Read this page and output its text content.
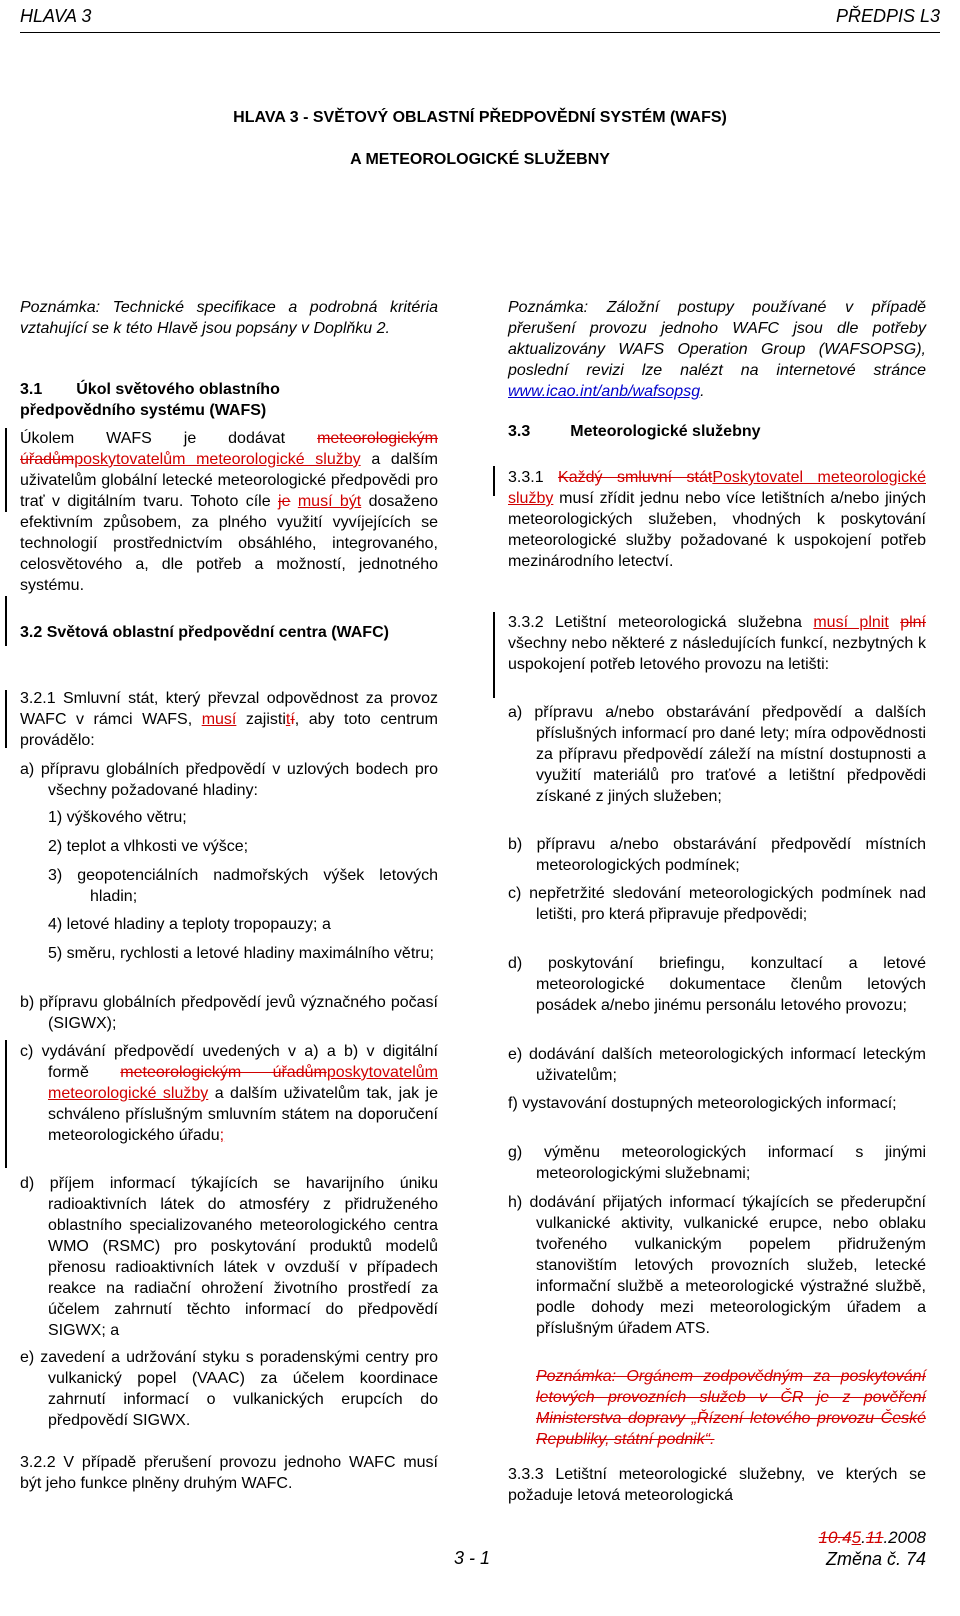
HLAVA 3	PŘEDPIS L3
HLAVA 3 - SVĚTOVÝ OBLASTNÍ PŘEDPOVĚDNÍ SYSTÉM (WAFS)
A METEOROLOGICKÉ SLUŽEBNY
Poznámka: Technické specifikace a podrobná kritéria vztahující se k této Hlavě jsou popsány v Doplňku 2.
3.1 Úkol světového oblastního
předpovědního systému (WAFS)
Úkolem WAFS je dodávat meteorologickým úřadůmposkytovatelům meteorologické služby a dalším uživatelům globální letecké meteorologické předpovědi pro trať v digitálním tvaru. Tohoto cíle je musí být dosaženo efektivním způsobem, za plného využití vyvíjejících se technologií prostřednictvím obsáhlého, integrovaného, celosvětového a, dle potřeb a možností, jednotného systému.
3.2 Světová oblastní předpovědní centra (WAFC)
3.2.1 Smluvní stát, který převzal odpovědnost za provoz WAFC v rámci WAFS, musí zajistití, aby toto centrum provádělo:
a) přípravu globálních předpovědí v uzlových bodech pro všechny požadované hladiny:
1) výškového větru;
2) teplot a vlhkosti ve výšce;
3) geopotenciálních nadmořských výšek letových hladin;
4) letové hladiny a teploty tropopauzy; a
5) směru, rychlosti a letové hladiny maximálního větru;
b) přípravu globálních předpovědí jevů význačného počasí (SIGWX);
c) vydávání předpovědí uvedených v a) a b) v digitální formě meteorologickým úřadůmposkytovatelům meteorologické služby a dalším uživatelům tak, jak je schváleno příslušným smluvním státem na doporučení meteorologického úřadu;
d) příjem informací týkajících se havarijního úniku radioaktivních látek do atmosféry z přidruženého oblastního specializovaného meteorologického centra WMO (RSMC) pro poskytování produktů modelů přenosu radioaktivních látek v ovzduší v případech reakce na radiační ohrožení životního prostředí za účelem zahrnutí těchto informací do předpovědí SIGWX; a
e) zavedení a udržování styku s poradenskými centry pro vulkanický popel (VAAC) za účelem koordinace zahrnutí informací o vulkanických erupcích do předpovědí SIGWX.
3.2.2 V případě přerušení provozu jednoho WAFC musí být jeho funkce plněny druhým WAFC.
Poznámka: Záložní postupy používané v případě přerušení provozu jednoho WAFC jsou dle potřeby aktualizovány WAFS Operation Group (WAFSOPSG), poslední revizi lze nalézt na internetové stránce www.icao.int/anb/wafsopsg.
3.3	Meteorologické služebny
3.3.1 Každý smluvní státPoskytovatel meteorologické služby musí zřídit jednu nebo více letištních a/nebo jiných meteorologických služeben, vhodných k poskytování meteorologické služby požadované k uspokojení potřeb mezinárodního letectví.
3.3.2 Letištní meteorologická služebna musí plnit plní všechny nebo některé z následujících funkcí, nezbytných k uspokojení potřeb letového provozu na letišti:
a) přípravu a/nebo obstarávání předpovědí a dalších příslušných informací pro dané lety; míra odpovědnosti za přípravu předpovědí záleží na místní dostupnosti a využití materiálů pro traťové a letištní předpovědi získané z jiných služeben;
b) přípravu a/nebo obstarávání předpovědí místních meteorologických podmínek;
c) nepřetržité sledování meteorologických podmínek nad letišti, pro která připravuje předpovědi;
d) poskytování briefingu, konzultací a letové meteorologické dokumentace členům letových posádek a/nebo jinému personálu letového provozu;
e) dodávání dalších meteorologických informací leteckým uživatelům;
f) vystavování dostupných meteorologických informací;
g) výměnu meteorologických informací s jinými meteorologickými služebnami;
h) dodávání přijatých informací týkajících se přederupční vulkanické aktivity, vulkanické erupce, nebo oblaku tvořeného vulkanickým popelem přidruženým stanovištím letových provozních služeb, letecké informační službě a meteorologické výstražné službě, podle dohody mezi meteorologickým úřadem a příslušným úřadem ATS.
Poznámka: Orgánem zodpovědným za poskytování letových provozních služeb v ČR je z pověření Ministerstva dopravy „Řízení letového provozu České Republiky, státní podnik“.
3.3.3 Letištní meteorologické služebny, ve kterých se požaduje letová meteorologická
10.45.11.2008
3 - 1	Změna č. 74
